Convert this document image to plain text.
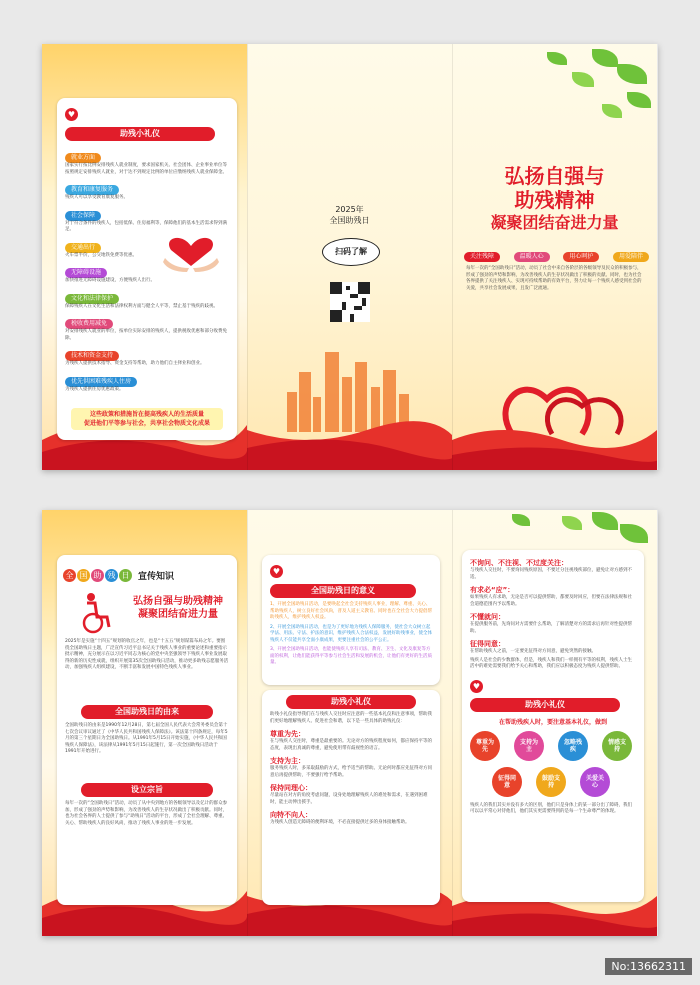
♥ 助残小礼仪
就业方面
国家实行按比例安排残疾人就业制度，要求国家机关、社会团体、企业事业单位等按照规定安排残疾人就业，对于达不到规定比例的单位应缴纳残疾人就业保障金。
教育和康复服务
残疾人可以享受教育康复服务。
社会保障
对于符合条件的残疾人，包括低保、住房福利等，保障他们的基本生活需求得到满足。
交通出行
火车票半价，公交地铁免费等优惠。
无障碍设施
加快推进无障碍设施建设，方便残疾人出行。
文化和法律保护
保障残疾人在文化生活和法律权利方面与健全人平等，禁止基于残疾的歧视。
税收费用减免
对安排残疾人就业的单位，按单位实际安排的残疾人，提供税收优惠和部分收费免除。
技术和资金支持
为残疾人提供技术指导、资金支持等帮助，助力他们自主择业和创业。
优先供困难残疾人住房
为残疾人提供住房优惠政策。
这些政策和措施旨在提高残疾人的生活质量
促进他们平等参与社会，共享社会物质文化成果
2025年
全国助残日
扫码了解
弘扬自强与
助残精神
凝聚团结奋进力量
关注残障	温暖人心	用心呵护	用爱陪伴
每年一次的“全国助残日”活动，动员了社会中来自各阶层的各级领导及民众的积极参与，形成了强劲的声势和影响，为改善残疾人的生存状况做出了积极的贡献。同时，也为社会各界提供了关注残疾人、实现可持续帮助的有效平台，努力让每一个残疾人感受到社会的关爱，共享社会发展成果，且发广泛流通。
全 国 助 残 日 宣传知识
弘扬自强与助残精神
凝聚团结奋进力量
2025年是实施“十四五”规划的收官之年，也是“十五五”规划谋篇布局之年。要围绕全国助残日主题，广泛宣传习近平总书记关于残疾人事业的重要论述和重要指示批示精神，充分展示在以习近平同志为核心的党中央坚强领导下残疾人事业发展取得的新的历史性成就，组织开展第35次全国助残日活动，推动更多助残志愿服务活动，加强残疾人组织建设，不断丰富和发展中国特色残疾人事业。
全国助残日的由来
全国助残日的由来是1990年12月28日，第七届全国人民代表大会常务委员会第十七次会议审议通过了《中华人民共和国残疾人保障法》。该法第十四条规定，每年5月的第三个星期日为全国助残日。从1991年5月15日开始实施，《中华人民共和国残疾人保障法》，该法律从1991年5月15日起施行，第一次全国助残日活动于1991年开始进行。
设立宗旨
每年一次的“全国助残日”活动，动员了从中央到地方的各级领导以及亿计的群众参加，形成了强劲的声势和影响，为改善残疾人的生存状况做出了积极贡献。同时，也为社会各界的人士提供了参与“助残日”活动的平台，形成了全社会理解、尊重、关心、帮助残疾人的良好风尚，推动了残疾人事业的进一步发展。
♥ 全国助残日的意义
1、开展全国助残日活动，是要唤起全社会支持残疾人事业，理解、尊重、关心、帮助残疾人，树立良好社会风尚，普及人道主义教育。同时也在全社会大力提倡帮助残疾人，维护残疾人权益。
2、开展全国助残日活动，也是为了更好地为残疾人保障服务，使社会大众树立起学法、用法、守法、护法的意识，维护残疾人合法权益，发展好助残事业，使全体残疾人不仅能共享全面小康成果，更要注重社会的公平公正。
3、开展全国助残日活动，也能使残疾人享有司法、教育、卫生、文化及康复等方面的权利，让他们能获得平等参与社会生活和发展的机会，让他们有更好的生活质量。
助残小礼仪
助残小礼仪指导我们在与残疾人交往时应注意的一些基本礼仪和注意事项，帮助我们更好地理解残疾人、促进社会和谐，以下是一些具体的助残礼仪：
尊重为先：
在与残疾人交往时，尊重是最重要的。无论对方的残疾程度如何，都应保持平等的态度，表现出真诚的尊重，避免使用带有歧视性的语言。
支持为主：
服务残疾人时，多采取鼓励的方式，给予适当的帮助。无论何时都应先征得对方同意后再提供帮助，不要强行给予帮助。
保持同理心：
尽量站在对方的角度考虑问题，设身处地理解残疾人的难处和需求，在遇到困难时，能主动伸出援手。
向特不向人：
为残疾人创造无障碍的便利环境，不必直接提供过多的身体接触帮助。
不询问、不注视、不过度关注：
与残疾人交往时，不要询问残疾原因，不要过分注视残疾部位，避免让对方感到不适。
有求必“应”：
如果残疾人有求助，无论是否可以提供帮助，都要及时回应，但要在法律法规和社会道德范围内予以帮助。
不懂就问：
在提供服务前，先询问对方需要什么帮助，了解清楚对方的需求后再针对性提供帮助。
征得同意：
在帮助残疾人之前，一定要先征得对方同意，避免突然的接触。
残疾人是社会的少数群体，但是，残疾人和我们一样拥有平等的权利，残疾人士生活中的难处需要我们给予关心和帮助，我们应以积极态度为残疾人提供帮助。
♥ 助残小礼仪
在帮助残疾人时，要注意基本礼仪，做到
尊重为先
支持为主
忽略残疾
情感支持
征得同意
鼓励支持
关爱关心
残疾人的我们其实并没有多大的区别，他们只是身体上的某一部分出了障碍，我们可以以平常心对待他们，他们其实更需要得到的是每一个生命尊严的体现。
No:13662311
